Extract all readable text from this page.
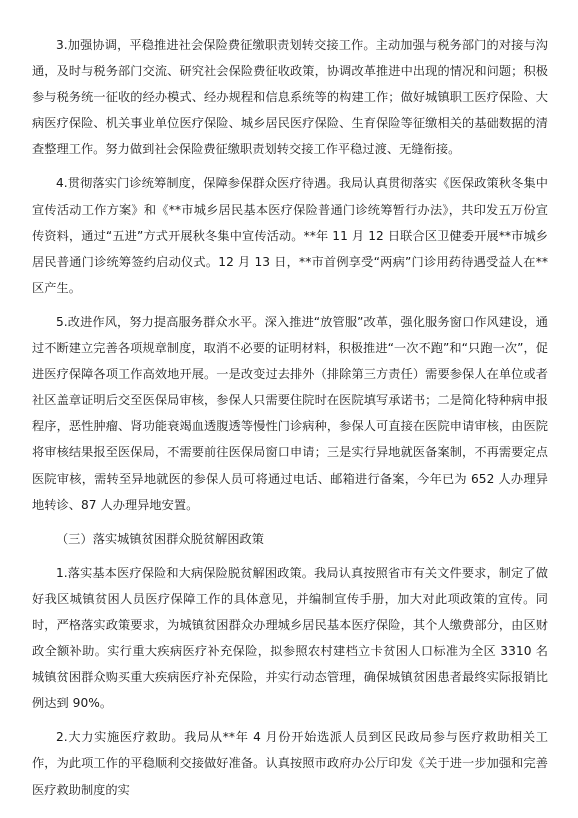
3.加强协调，平稳推进社会保险费征缴职责划转交接工作。主动加强与税务部门的对接与沟通，及时与税务部门交流、研究社会保险费征收政策，协调改革推进中出现的情况和问题；积极参与税务统一征收的经办模式、经办规程和信息系统等的构建工作；做好城镇职工医疗保险、大病医疗保险、机关事业单位医疗保险、城乡居民医疗保险、生育保险等征缴相关的基础数据的清查整理工作。努力做到社会保险费征缴职责划转交接工作平稳过渡、无缝衔接。

4.贯彻落实门诊统筹制度，保障参保群众医疗待遇。我局认真贯彻落实《医保政策秋冬集中宣传活动工作方案》和《**市城乡居民基本医疗保险普通门诊统筹暂行办法》，共印发五万份宣传资料，通过“五进”方式开展秋冬集中宣传活动。**年 11 月 12 日联合区卫健委开展**市城乡居民普通门诊统筹签约启动仪式。12 月 13 日，**市首例享受“两病”门诊用药待遇受益人在**区产生。

5.改进作风，努力提高服务群众水平。深入推进“放管服”改革，强化服务窗口作风建设，通过不断建立完善各项规章制度，取消不必要的证明材料，积极推进“一次不跑”和“只跑一次”，促进医疗保障各项工作高效地开展。一是改变过去排外（排除第三方责任）需要参保人在单位或者社区盖章证明后交至医保局审核，参保人只需要住院时在医院填写承诺书；二是简化特种病申报程序，恶性肿瘤、肾功能衰竭血透腹透等慢性门诊病种，参保人可直接在医院申请审核，由医院将审核结果报至医保局，不需要前往医保局窗口申请；三是实行异地就医备案制，不再需要定点医院审核，需转至异地就医的参保人员可将通过电话、邮箱进行备案，今年已为 652 人办理异地转诊、87 人办理异地安置。

（三）落实城镇贫困群众脱贫解困政策

1.落实基本医疗保险和大病保险脱贫解困政策。我局认真按照省市有关文件要求，制定了做好我区城镇贫困人员医疗保障工作的具体意见，并编制宣传手册，加大对此项政策的宣传。同时，严格落实政策要求，为城镇贫困群众办理城乡居民基本医疗保险，其个人缴费部分，由区财政全额补助。实行重大疾病医疗补充保险，拟参照农村建档立卡贫困人口标准为全区 3310 名城镇贫困群众购买重大疾病医疗补充保险，并实行动态管理，确保城镇贫困患者最终实际报销比例达到 90%。

2.大力实施医疗救助。我局从**年 4 月份开始选派人员到区民政局参与医疗救助相关工作，为此项工作的平稳顺利交接做好准备。认真按照市政府办公厅印发《关于进一步加强和完善医疗救助制度的实
